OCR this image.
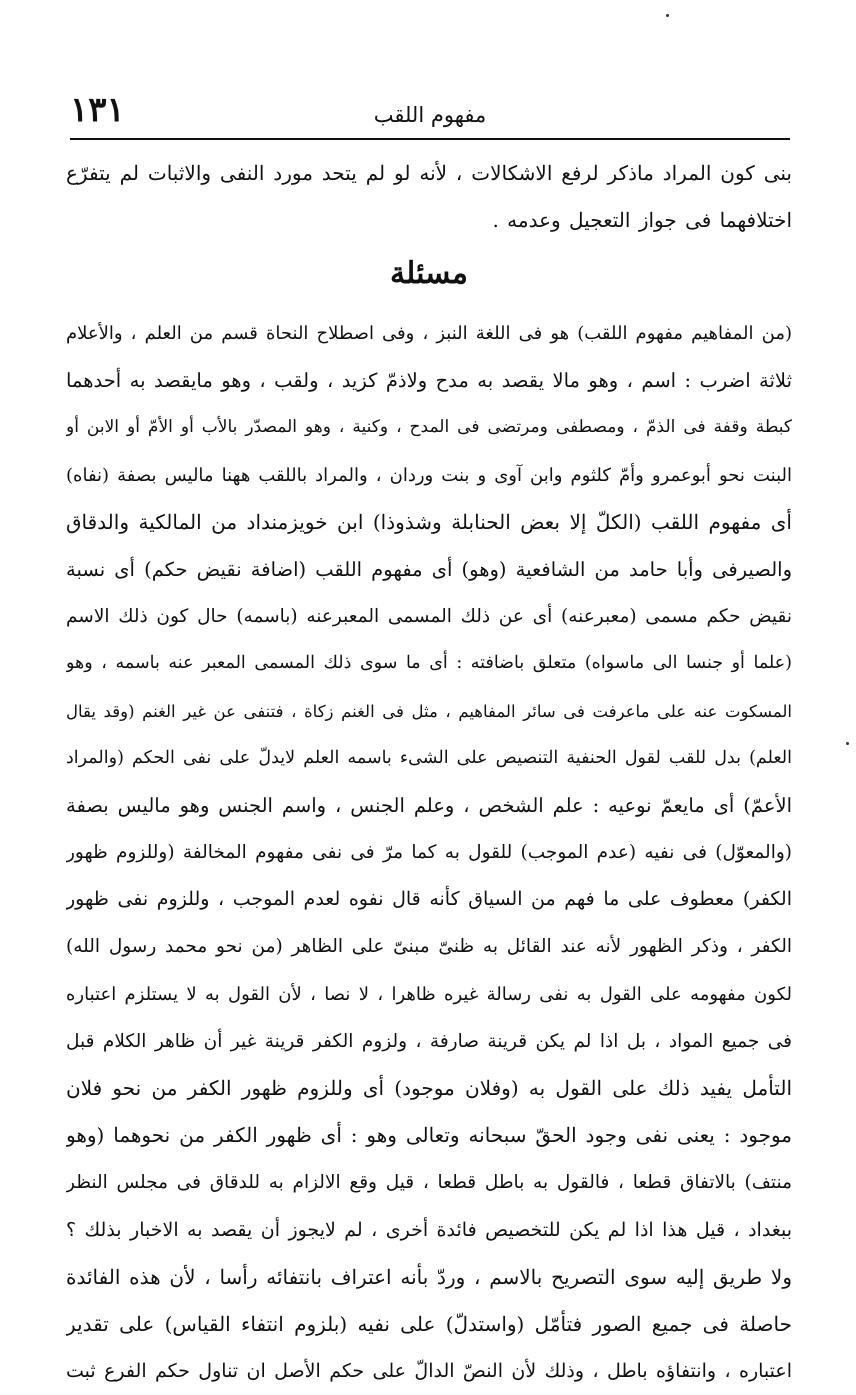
مفهوم اللقب
١٣١
بنى كون المراد ماذكر لرفع الاشكالات ، لأنه لو لم يتحد مورد النفى والاثبات لم يتفرّع
اختلافهما فى جواز التعجيل وعدمه .
مسئلة
(من المفاهيم مفهوم اللقب) هو فى اللغة النبز ، وفى اصطلاح النحاة قسم من العلم ، والأعلام
ثلاثة اضرب : اسم ، وهو مالا يقصد به مدح ولاذمّ كزيد ، ولقب ، وهو مايقصد به أحدهما
كبطة وقفة فى الذمّ ، ومصطفى ومرتضى فى المدح ، وكنية ، وهو المصدّر بالأب أو الأمّ أو الابن أو
البنت نحو أبوعمرو وأمّ كلثوم وابن آوى و بنت وردان ، والمراد باللقب ههنا ماليس بصفة (نفاه)
أى مفهوم اللقب (الكلّ إلا بعض الحنابلة وشذوذا) ابن خويزمنداد من المالكية والدقاق
والصيرفى وأبا حامد من الشافعية (وهو) أى مفهوم اللقب (اضافة نقيض حكم) أى نسبة
نقيض حكم مسمى (معبرعنه) أى عن ذلك المسمى المعبرعنه (باسمه) حال كون ذلك الاسم
(علما أو جنسا الى ماسواه) متعلق باضافته : أى ما سوى ذلك المسمى المعبر عنه باسمه ، وهو
المسكوت عنه على ماعرفت فى سائر المفاهيم ، مثل فى الغنم زكاة ، فتنفى عن غير الغنم (وقد يقال
العلم) بدل للقب لقول الحنفية التنصيص على الشىء باسمه العلم لايدلّ على نفى الحكم (والمراد
الأعمّ) أى مايعمّ نوعيه : علم الشخص ، وعلم الجنس ، واسم الجنس وهو ماليس بصفة
(والمعوّل) فى نفيه (عدم الموجب) للقول به كما مرّ فى نفى مفهوم المخالفة (وللزوم ظهور
الكفر) معطوف على ما فهم من السياق كأنه قال نفوه لعدم الموجب ، وللزوم نفى ظهور
الكفر ، وذكر الظهور لأنه عند القائل به ظنىّ مبنىّ على الظاهر (من نحو محمد رسول الله)
لكون مفهومه على القول به نفى رسالة غيره ظاهرا ، لا نصا ، لأن القول به لا يستلزم اعتباره
فى جميع المواد ، بل اذا لم يكن قرينة صارفة ، ولزوم الكفر قرينة غير أن ظاهر الكلام قبل
التأمل يفيد ذلك على القول به (وفلان موجود) أى وللزوم ظهور الكفر من نحو فلان
موجود : يعنى نفى وجود الحقّ سبحانه وتعالى وهو : أى ظهور الكفر من نحوهما (وهو
منتف) بالاتفاق قطعا ، فالقول به باطل قطعا ، قيل وقع الالزام به للدقاق فى مجلس النظر
ببغداد ، قيل هذا اذا لم يكن للتخصيص فائدة أخرى ، لم لايجوز أن يقصد به الاخبار بذلك ؟
ولا طريق إليه سوى التصريح بالاسم ، وردّ بأنه اعتراف بانتفائه رأسا ، لأن هذه الفائدة
حاصلة فى جميع الصور فتأمّل (واستدلّ) على نفيه (بلزوم انتفاء القياس) على تقدير
اعتباره ، وانتفاؤه باطل ، وذلك لأن النصّ الدالّ على حكم الأصل ان تناول حكم الفرع ثبت
